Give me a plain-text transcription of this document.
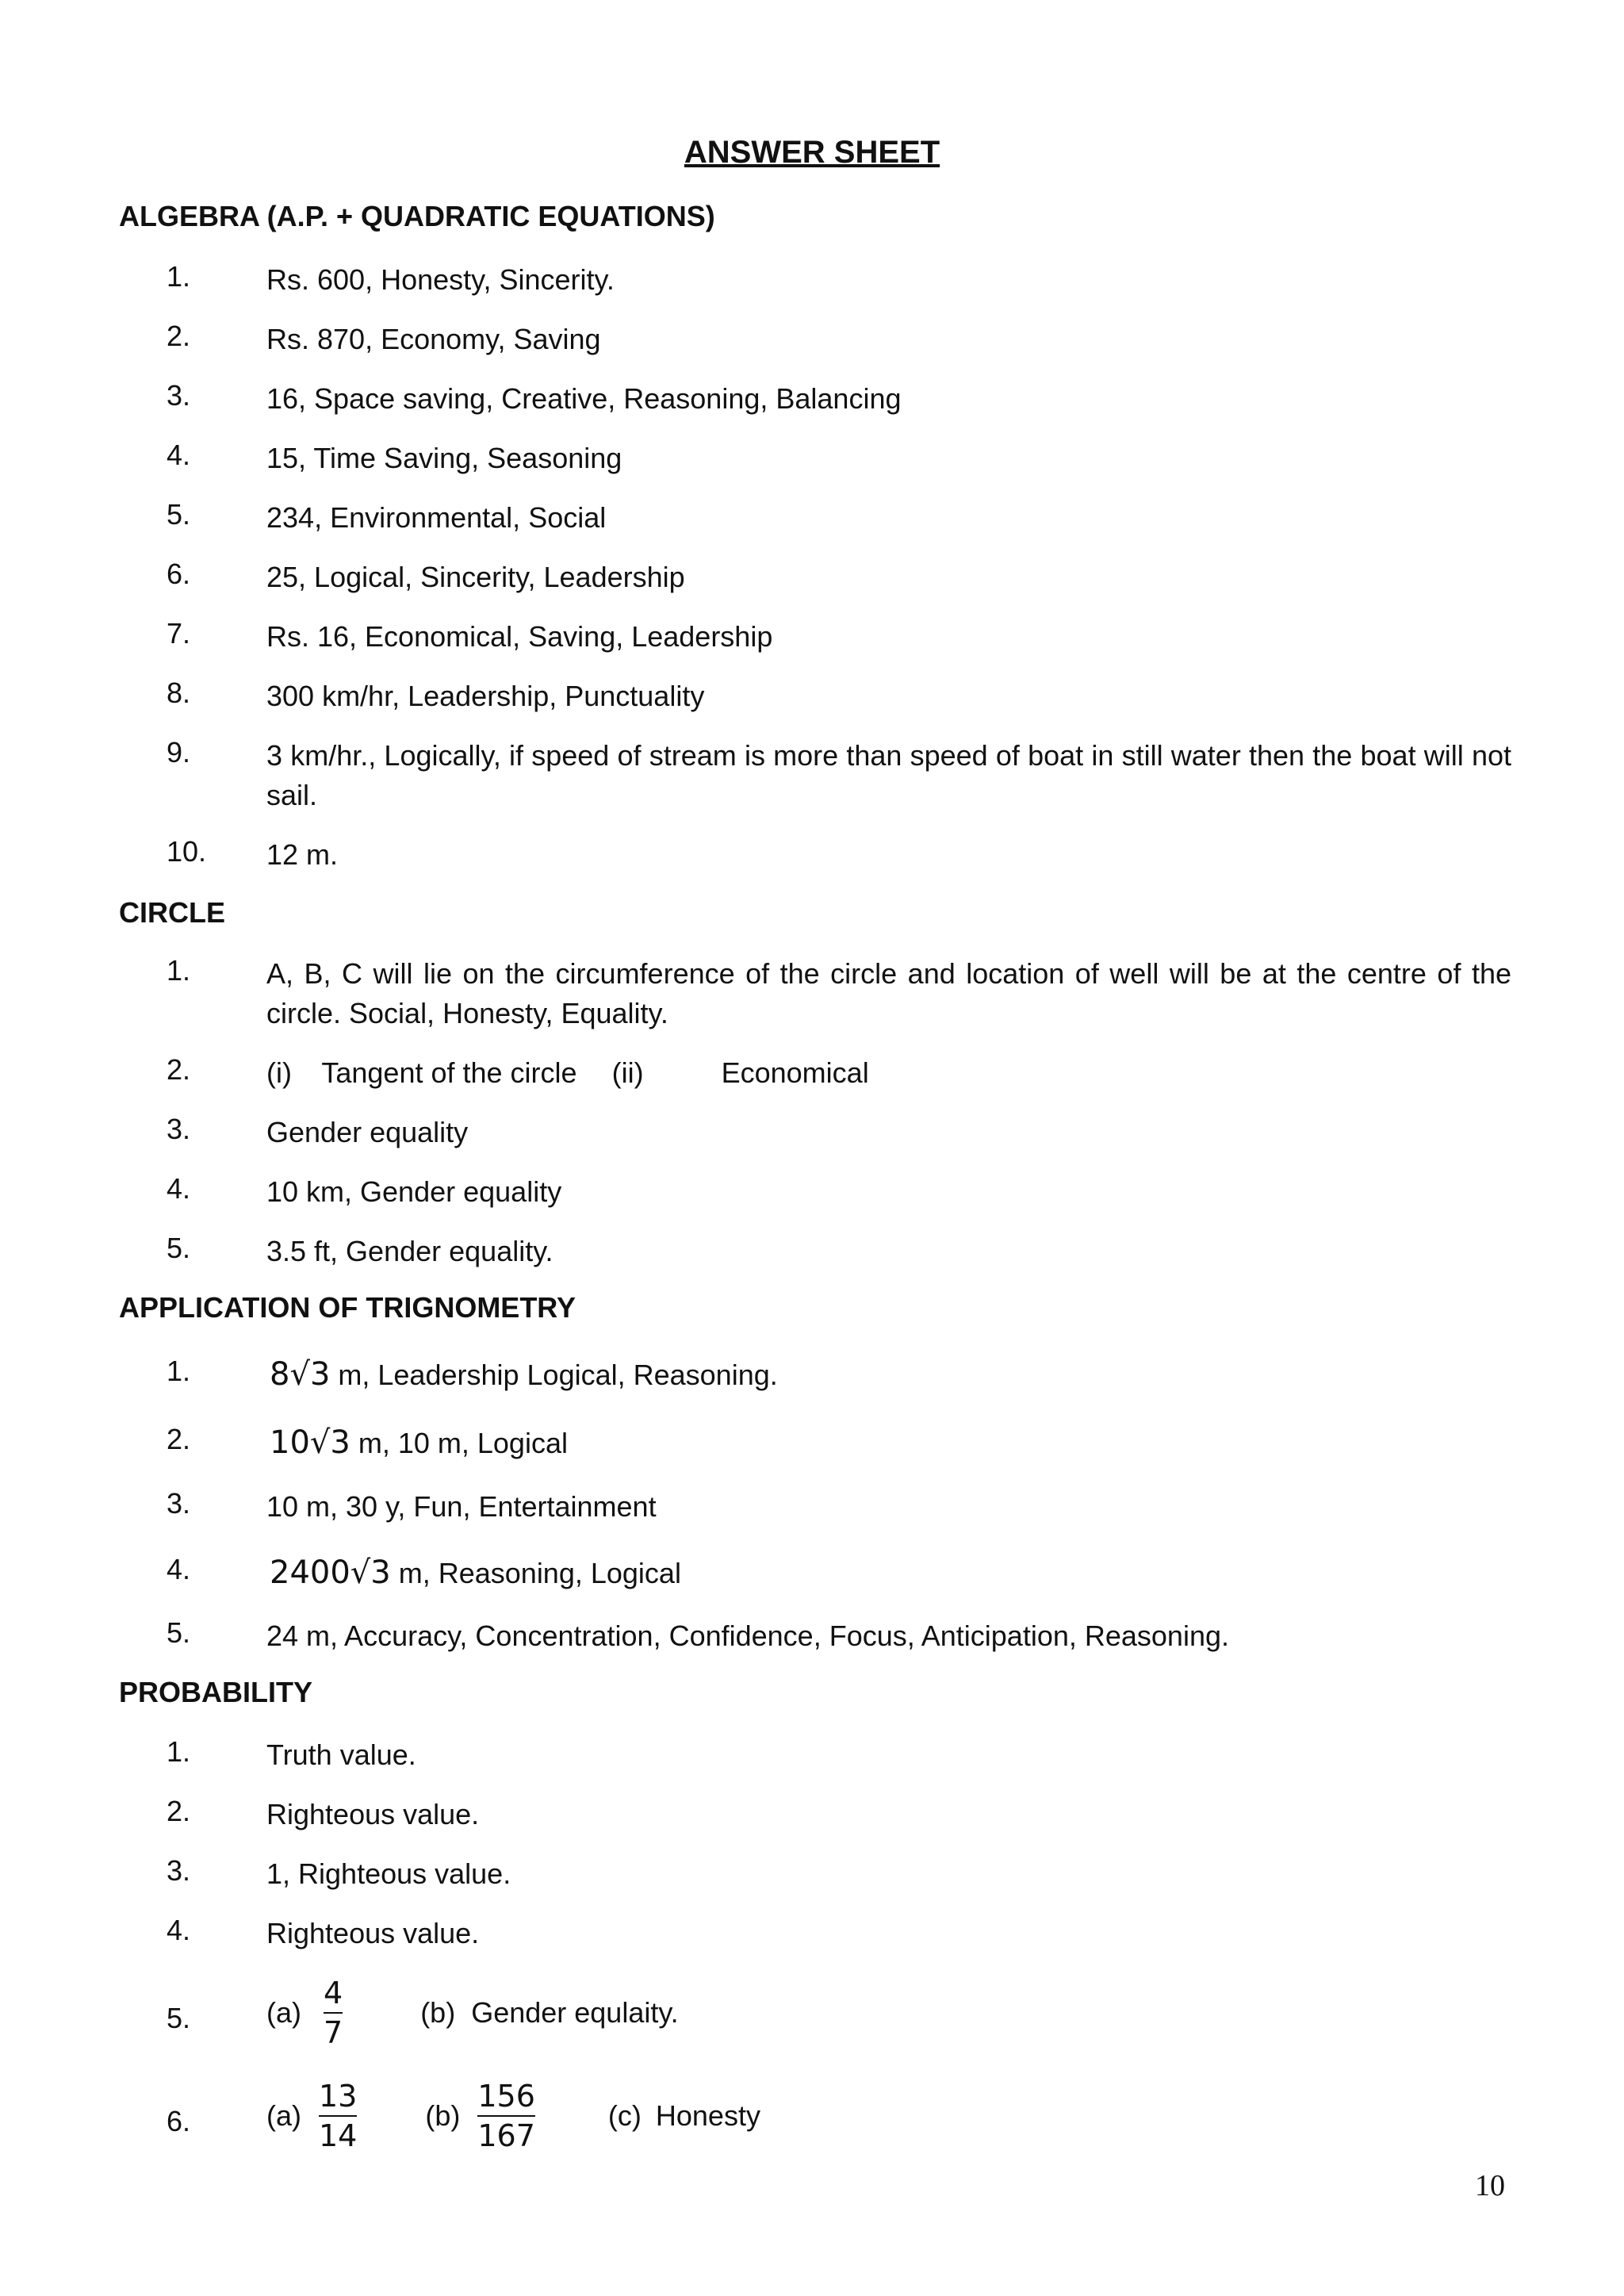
ANSWER SHEET
ALGEBRA (A.P. + QUADRATIC EQUATIONS)
1.	Rs. 600, Honesty, Sincerity.
2.	Rs. 870, Economy, Saving
3.	16, Space saving, Creative, Reasoning, Balancing
4.	15, Time Saving, Seasoning
5.	234, Environmental, Social
6.	25, Logical, Sincerity, Leadership
7.	Rs. 16, Economical, Saving, Leadership
8.	300 km/hr, Leadership, Punctuality
9.	3 km/hr., Logically, if speed of stream is more than speed of boat in still water then the boat will not sail.
10.	12 m.
CIRCLE
1.	A, B, C will lie on the circumference of the circle and location of well will be at the centre of the circle. Social, Honesty, Equality.
2.	(i) Tangent of the circle (ii)	Economical
3.	Gender equality
4.	10 km, Gender equality
5.	3.5 ft, Gender equality.
APPLICATION OF TRIGNOMETRY
1.	8√3 m, Leadership Logical, Reasoning.
2.	10√3 m, 10 m, Logical
3.	10 m, 30 y, Fun, Entertainment
4.	2400√3 m, Reasoning, Logical
5.	24 m, Accuracy, Concentration, Confidence, Focus, Anticipation, Reasoning.
PROBABILITY
1.	Truth value.
2.	Righteous value.
3.	1, Righteous value.
4.	Righteous value.
5.	$(a) \frac{4}{7}$	(b) Gender equlaity.
6.	$(a) \frac{13}{14} (b) \frac{156}{167}$	(c) Honesty
10
